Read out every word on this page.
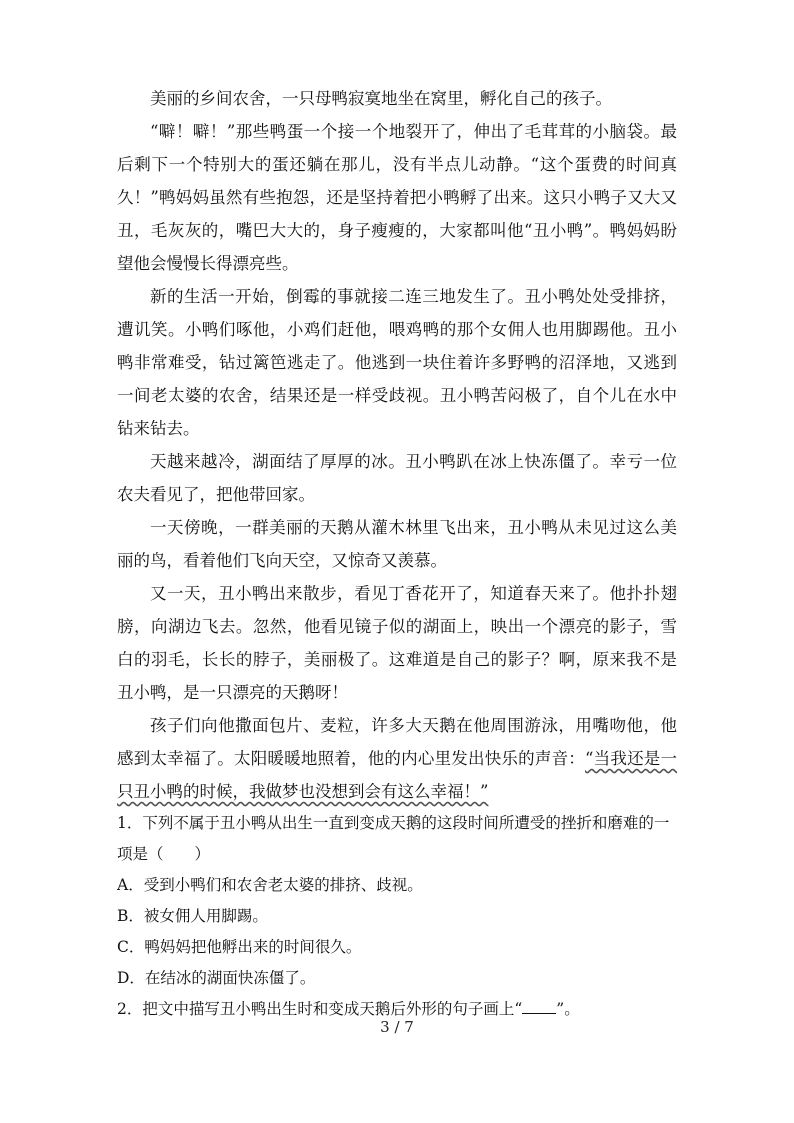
美丽的乡间农舍，一只母鸭寂寞地坐在窝里，孵化自己的孩子。

“噼！噼！”那些鸭蛋一个接一个地裂开了，伸出了毛茸茸的小脑袋。最后剩下一个特别大的蛋还躺在那儿，没有半点儿动静。“这个蛋费的时间真久！”鸭妈妈虽然有些抱怨，还是坚持着把小鸭孵了出来。这只小鸭子又大又丑，毛灰灰的，嘴巴大大的，身子瘦瘦的，大家都叫他“丑小鸭”。鸭妈妈盼望他会慢慢长得漂亮些。

新的生活一开始，倒霉的事就接二连三地发生了。丑小鸭处处受排挤，遭讥笑。小鸭们啄他，小鸡们赶他，喂鸡鸭的那个女佣人也用脚踢他。丑小鸭非常难受，钻过篱笆逃走了。他逃到一块住着许多野鸭的沼泽地，又逃到一间老太婆的农舍，结果还是一样受歧视。丑小鸭苦闷极了，自个儿在水中钻来钻去。

天越来越冷，湖面结了厚厚的冰。丑小鸭趴在冰上快冻僵了。幸亏一位农夫看见了，把他带回家。

一天傍晚，一群美丽的天鹅从灌木林里飞出来，丑小鸭从未见过这么美丽的鸟，看着他们飞向天空，又惊奇又羡慕。

又一天，丑小鸭出来散步，看见丁香花开了，知道春天来了。他扑扑翅膀，向湖边飞去。忽然，他看见镜子似的湖面上，映出一个漂亮的影子，雪白的羽毛，长长的脖子，美丽极了。这难道是自己的影子？啊，原来我不是丑小鸭，是一只漂亮的天鹅呀！

孩子们向他撒面包片、麦粒，许多大天鹅在他周围游泳，用嘴吻他，他感到太幸福了。太阳暖暖地照着，他的内心里发出快乐的声音：“当我还是一只丑小鸭的时候，我做梦也没想到会有这么幸福！”

1．下列不属于丑小鸭从出生一直到变成天鹅的这段时间所遭受的挫折和磨难的一项是（　　）

A．受到小鸭们和农舍老太婆的排挤、歧视。

B．被女佣人用脚踢。

C．鸭妈妈把他孵出来的时间很久。

D．在结冰的湖面快冻僵了。

2．把文中描写丑小鸭出生时和变成天鹅后外形的句子画上“ ”。

3 / 7
